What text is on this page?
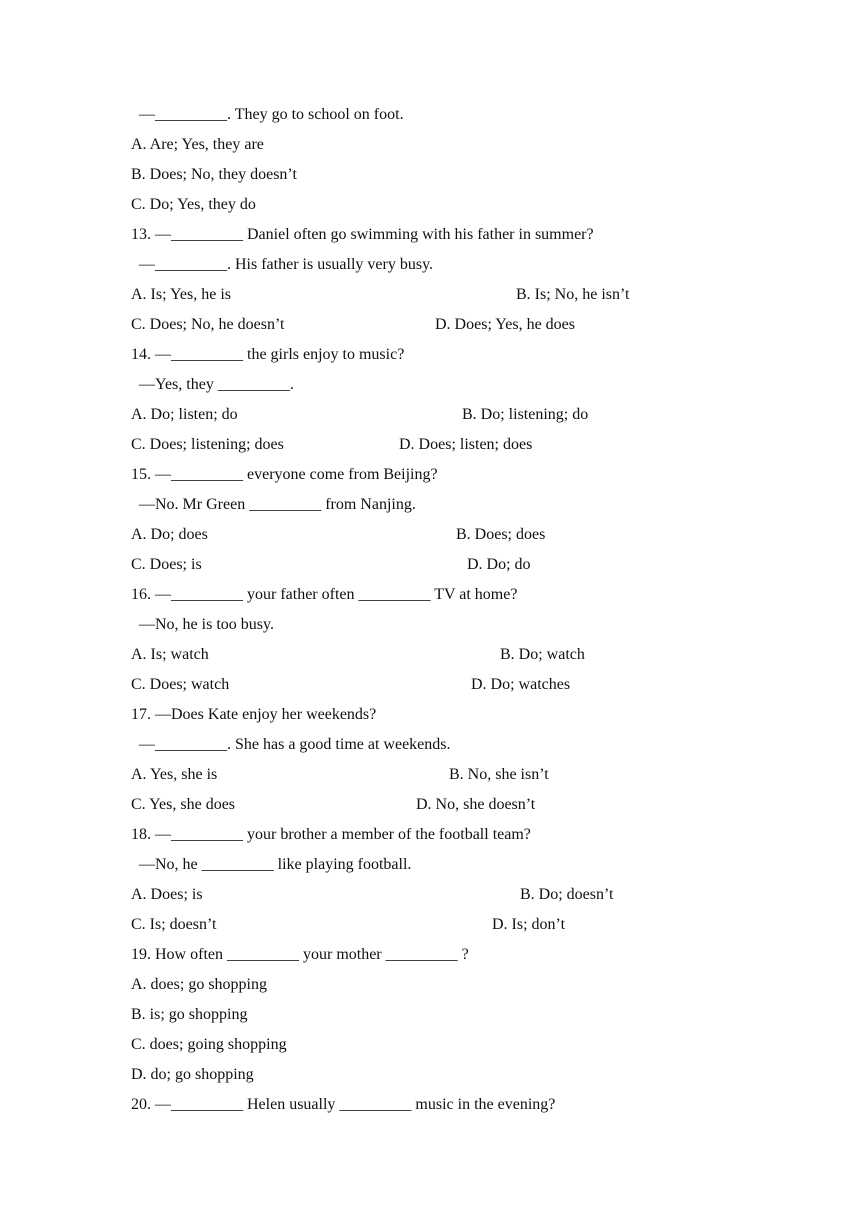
—_________. They go to school on foot.

A. Are; Yes, they are

B. Does; No, they doesn’t

C. Do; Yes, they do

13. —_________ Daniel often go swimming with his father in summer?

—_________. His father is usually very busy.

A. Is; Yes, he is

	B. Is; No, he isn’t

C. Does; No, he doesn’t

	D. Does; Yes, he does

14. —_________ the girls enjoy to music?

—Yes, they _________.

A. Do; listen; do

	B. Do; listening; do

C. Does; listening; does

	D. Does; listen; does

15. —_________ everyone come from Beijing?

—No. Mr Green _________ from Nanjing.

A. Do; does

	B. Does; does

C. Does; is

	D. Do; do

16. —_________ your father often _________ TV at home?

—No, he is too busy.

A. Is; watch

	B. Do; watch

C. Does; watch

	D. Do; watches

17. —Does Kate enjoy her weekends?

—_________. She has a good time at weekends.

A. Yes, she is

	B. No, she isn’t

C. Yes, she does

	D. No, she doesn’t

18. —_________ your brother a member of the football team?

—No, he _________ like playing football.

A. Does; is

	B. Do; doesn’t

C. Is; doesn’t

	D. Is; don’t

19. How often _________ your mother _________ ?

A. does; go shopping

B. is; go shopping

C. does; going shopping

D. do; go shopping

20. —_________ Helen usually _________ music in the evening?
